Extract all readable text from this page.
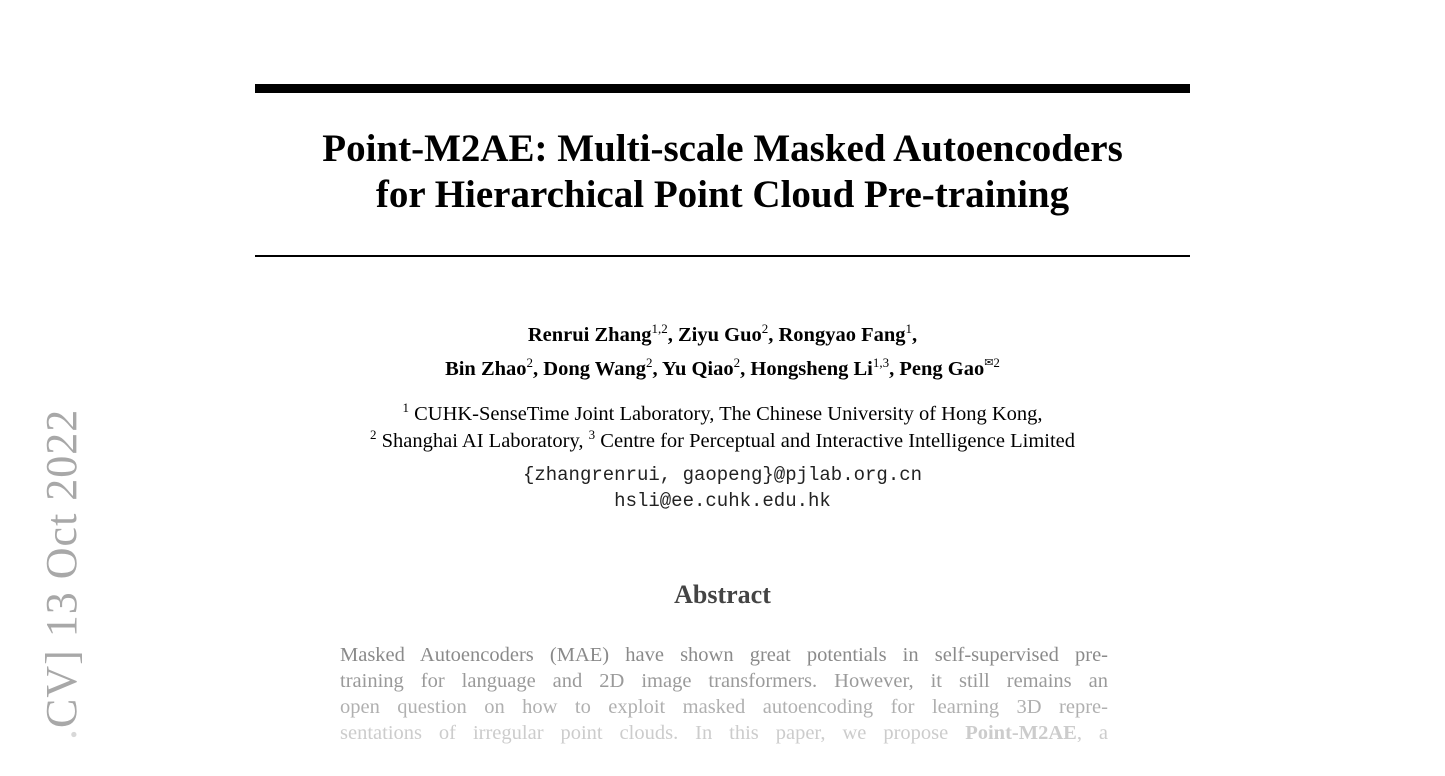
.CV] 13 Oct 2022
Point-M2AE: Multi-scale Masked Autoencoders
for Hierarchical Point Cloud Pre-training
Renrui Zhang$^{1,2}$, Ziyu Guo$^2$, Rongyao Fang$^1$,
Bin Zhao$^2$, Dong Wang$^2$, Yu Qiao$^2$, Hongsheng Li$^{1,3}$, Peng Gao✉$^2$
$^1$ CUHK-SenseTime Joint Laboratory, The Chinese University of Hong Kong,
$^2$ Shanghai AI Laboratory, $^3$ Centre for Perceptual and Interactive Intelligence Limited
{zhangrenrui, gaopeng}@pjlab.org.cn
hsli@ee.cuhk.edu.hk
Abstract
Masked Autoencoders (MAE) have shown great potentials in self-supervised pre-
training for language and 2D image transformers. However, it still remains an
open question on how to exploit masked autoencoding for learning 3D repre-
sentations of irregular point clouds. In this paper, we propose Point-M2AE, a
